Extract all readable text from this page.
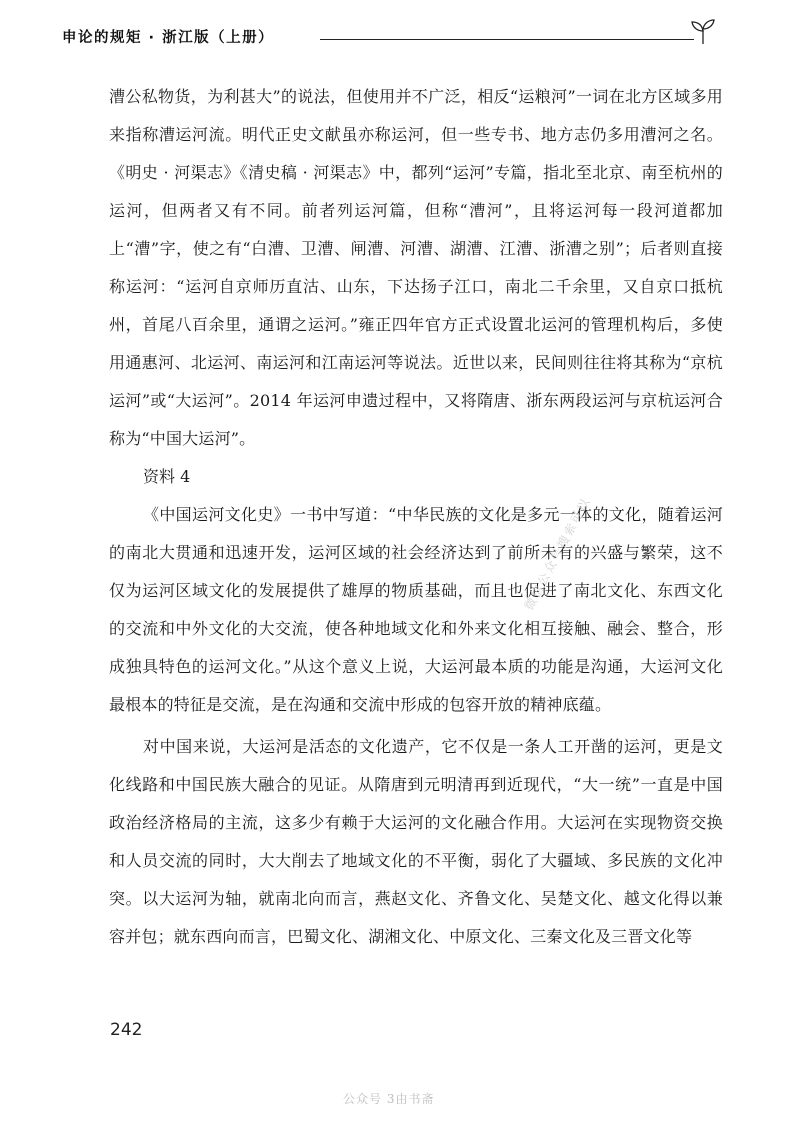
申论的规矩 · 浙江版（上册）

漕公私物货，为利甚大”的说法，但使用并不广泛，相反“运粮河”一词在北方区域多用来指称漕运河流。明代正史文献虽亦称运河，但一些专书、地方志仍多用漕河之名。《明史 · 河渠志》《清史稿 · 河渠志》中，都列“运河”专篇，指北至北京、南至杭州的运河，但两者又有不同。前者列运河篇，但称“漕河”，且将运河每一段河道都加上“漕”字，使之有“白漕、卫漕、闸漕、河漕、湖漕、江漕、浙漕之别”；后者则直接称运河：“运河自京师历直沽、山东，下达扬子江口，南北二千余里，又自京口抵杭州，首尾八百余里，通谓之运河。”雍正四年官方正式设置北运河的管理机构后，多使用通惠河、北运河、南运河和江南运河等说法。近世以来，民间则往往将其称为“京杭运河”或“大运河”。2014 年运河申遗过程中，又将隋唐、浙东两段运河与京杭运河合称为“中国大运河”。

资料 4

《中国运河文化史》一书中写道：“中华民族的文化是多元一体的文化，随着运河的南北大贯通和迅速开发，运河区域的社会经济达到了前所未有的兴盛与繁荣，这不仅为运河区域文化的发展提供了雄厚的物质基础，而且也促进了南北文化、东西文化的交流和中外文化的大交流，使各种地域文化和外来文化相互接触、融会、整合，形成独具特色的运河文化。”从这个意义上说，大运河最本质的功能是沟通，大运河文化最根本的特征是交流，是在沟通和交流中形成的包容开放的精神底蕴。

对中国来说，大运河是活态的文化遗产，它不仅是一条人工开凿的运河，更是文化线路和中国民族大融合的见证。从隋唐到元明清再到近现代，“大一统”一直是中国政治经济格局的主流，这多少有赖于大运河的文化融合作用。大运河在实现物资交换和人员交流的同时，大大削去了地域文化的不平衡，弱化了大疆域、多民族的文化冲突。以大运河为轴，就南北向而言，燕赵文化、齐鲁文化、吴楚文化、越文化得以兼容并包；就东西向而言，巴蜀文化、湖湘文化、中原文化、三秦文化及三晋文化等

微信公众号搜索可以
242
公众号 3由书斋
